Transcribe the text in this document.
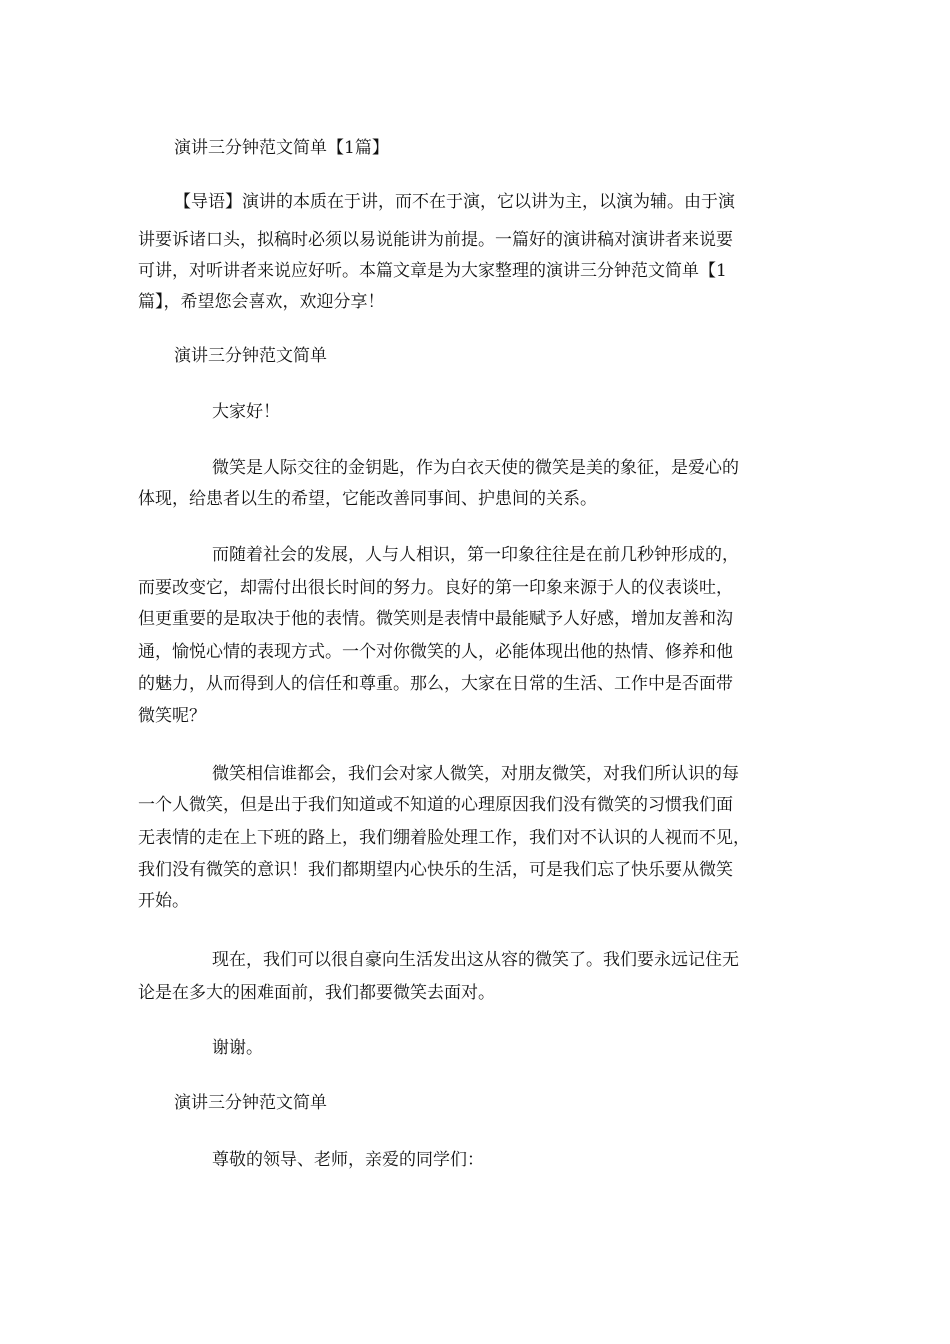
演讲三分钟范文简单【1篇】
【导语】演讲的本质在于讲，而不在于演，它以讲为主，以演为辅。由于演
讲要诉诸口头，拟稿时必须以易说能讲为前提。一篇好的演讲稿对演讲者来说要
可讲，对听讲者来说应好听。本篇文章是为大家整理的演讲三分钟范文简单【1
篇】，希望您会喜欢，欢迎分享！
演讲三分钟范文简单
大家好！
微笑是人际交往的金钥匙，作为白衣天使的微笑是美的象征，是爱心的
体现，给患者以生的希望，它能改善同事间、护患间的关系。
而随着社会的发展，人与人相识，第一印象往往是在前几秒钟形成的，
而要改变它，却需付出很长时间的努力。良好的第一印象来源于人的仪表谈吐，
但更重要的是取决于他的表情。微笑则是表情中最能赋予人好感，增加友善和沟
通，愉悦心情的表现方式。一个对你微笑的人，必能体现出他的热情、修养和他
的魅力，从而得到人的信任和尊重。那么，大家在日常的生活、工作中是否面带
微笑呢？
微笑相信谁都会，我们会对家人微笑，对朋友微笑，对我们所认识的每
一个人微笑，但是出于我们知道或不知道的心理原因我们没有微笑的习惯我们面
无表情的走在上下班的路上，我们绷着脸处理工作，我们对不认识的人视而不见，
我们没有微笑的意识！我们都期望内心快乐的生活，可是我们忘了快乐要从微笑
开始。
现在，我们可以很自豪向生活发出这从容的微笑了。我们要永远记住无
论是在多大的困难面前，我们都要微笑去面对。
谢谢。
演讲三分钟范文简单
尊敬的领导、老师，亲爱的同学们：
